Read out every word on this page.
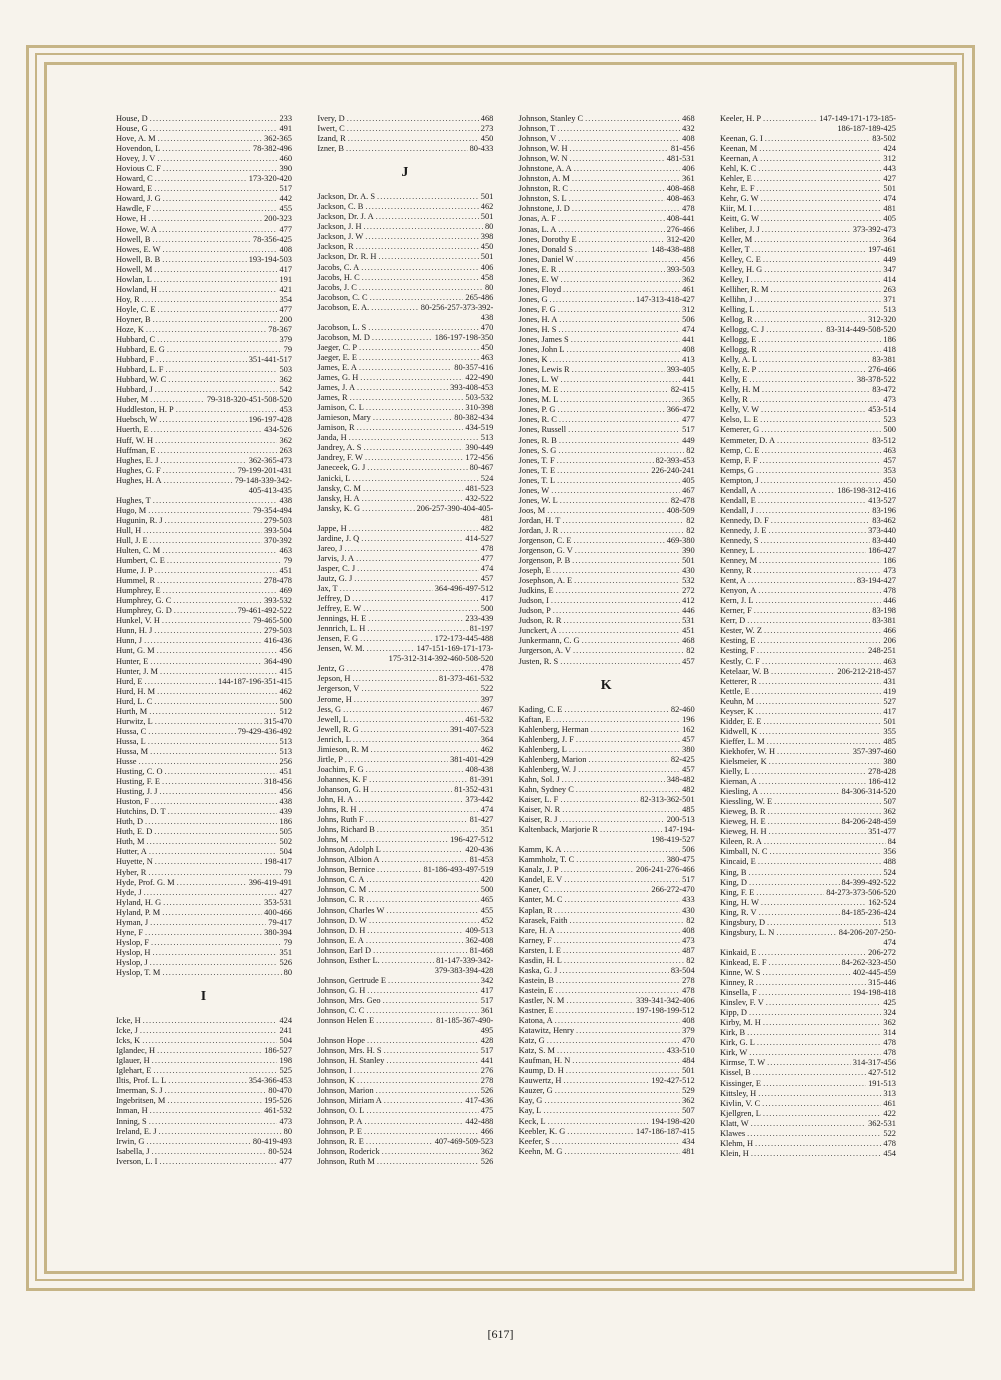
House, D . . .	233
House, G . . .	491
Hove, A. M . . .	362-365
Hovendon, L . . .	78-382-496
Hovey, J. V . . .	460
Hovious C. F . . .	390
Howard, C . . .	173-320-420
Howard, E . . .	517
Howard, J. G . . .	442
Hawdle, F . . .	455
Howe, H . . .	200-323
Howe, W. A . . .	477
Howell, B . . .	78-356-425
Howes, E. W . . .	408
Howell, B. B . . .	193-194-503
Howell, M . . .	417
Howlan, L . . .	191
Howland, H . . .	421
Hoy, R . . .	354
Hoyle, C. E . . .	477
Hoyner, B . . .	200
Hoze, K . . .	78-367
Hubbard, C . . .	379
Hubbard, E. G . . .	79
Hubbard, F . . .	351-441-517
Hubbard, L. F . . .	503
Hubbard, W. C . . .	362
Hubbard, J . . .	542
Huber, M . . .	79-318-320-451-508-520
Huddleston, H. P . . .	453
Huebsch, W . . .	196-197-428
Huerth, E . . .	434-526
Huff, W. H . . .	362
Huffman, E . . .	263
Hughes, E. J . . .	362-365-473
Hughes, G. F . . .	79-199-201-431
Hughes, H. A . . .	79-148-339-342-
405-413-435
Hughes, T . . .	438
Hugo, M . . .	79-354-494
Hugunin, R. J . . .	279-503
Hull, H . . .	393-504
Hull, J. E . . .	370-392
Hulten, C. M . . .	463
Humbert, C. E . . .	79
Hume, J. P . . .	451
Hummel, R . . .	278-478
Humphrey, E . . .	469
Humphrey, G. C . . .	393-532
Humphrey, G. D . . .	79-461-492-522
Hunkel, V. H . . .	79-465-500
Hunn, H. J . . .	279-503
Hunn, J . . .	416-436
Hunt, G. M . . .	456
Hunter, E . . .	364-490
Hunter, J. M . . .	415
Hurd, E . . .	144-187-196-351-415
Hurd, H. M . . .	462
Hurd, L. C . . .	500
Hurth, M . . .	512
Hurwitz, L . . .	315-470
Hussa, C . . .	79-429-436-492
Hussa, L . . .	513
Hussa, M . . .	513
Husse . . .	256
Husting, C. O . . .	451
Husting, F. E . . .	318-456
Husting, J. J . . .	456
Huston, F . . .	438
Hutchins, D. T . . .	439
Huth, D . . .	186
Huth, E. D . . .	505
Huth, M . . .	502
Hutter, A . . .	504
Huyette, N . . .	198-417
Hyber, R . . .	79
Hyde, Prof. G. M . . .	396-419-491
Hyde, J . . .	427
Hyland, H. G . . .	353-531
Hyland, P. M . . .	400-466
Hyman, J . . .	79-417
Hyne, F . . .	380-394
Hyslop, F . . .	79
Hyslop, H . . .	351
Hyslop, J . . .	526
Hyslop, T. M . . .	80
I
Icke, H . . .	424
Icke, J . . .	241
Icks, K . . .	504
Iglandec, H . . .	186-527
Iglauer, H . . .	198
Iglehart, E . . .	525
Iltis, Prof. L. L . . .	354-366-453
Imerman, S. J . . .	80-470
Ingebritsen, M . . .	195-526
Inman, H . . .	461-532
Inning, S . . .	473
Ireland, E. J . . .	80
Irwin, G . . .	80-419-493
Isabella, J . . .	80-524
Iverson, L. I . . .	477
Ivery, D . . .	468
Iwert, C . . .	273
Izand, R . . .	450
Izner, B . . .	80-433
J
Jackson, Dr. A. S . . .	501
Jackson, C. B . . .	462
Jackson, Dr. J. A . . .	501
Jackson, J. H . . .	80
Jackson, J. W . . .	398
Jackson, R . . .	450
Jackson, Dr. R. H . . .	501
Jacobs, C. A . . .	406
Jacobs, H. C . . .	458
Jacobs, J. C . . .	80
Jacobson, C. C . . .	265-486
Jacobson, E. A. . . .	80-256-257-373-392-
438
Jacobson, L. S . . .	470
Jacobson, M. D . . .	186-197-198-350
Jaeger, C. P . . .	450
Jaeger, E. E . . .	463
James, E. A . . .	80-357-416
James, G. H . . .	422-490
James, J. A . . .	393-408-453
James, R . . .	503-532
Jamison, C. L . . .	310-398
Jamieson, Mary . . .	80-382-434
Jamison, R . . .	434-519
Janda, H . . .	513
Jandrey, A. S . . .	390-449
Jandrey, F. W . . .	172-456
Janeceek, G. J . . .	80-467
Janicki, L . . .	524
Jansky, C. M . . .	481-523
Jansky, H. A . . .	432-522
Jansky, K. G . . .	206-257-390-404-405-
481
Jappe, H . . .	482
Jardine, J. Q . . .	414-527
Jareo, J . . .	478
Jarvis, J. A . . .	477
Jasper, C. J . . .	474
Jautz, G. J . . .	457
Jax, T . . .	364-496-497-512
Jeffrey, D . . .	417
Jeffrey, E. W . . .	500
Jennings, H. E . . .	233-439
Jennrich, L. H . . .	81-197
Jensen, F. G . . .	172-173-445-488
Jensen, W. M. . . .	147-151-169-171-173-
175-312-314-392-460-508-520
Jentz, G . . .	478
Jepson, H . . .	81-373-461-532
Jergerson, V . . .	522
Jerome, H . . .	397
Jess, G . . .	467
Jewell, L . . .	461-532
Jewell, R. G . . .	391-407-523
Jenrich, L . . .	364
Jimieson, R. M . . .	462
Jirtle, P . . .	381-401-429
Joachim, F. G . . .	408-438
Johannes, K. F . . .	81-391
Johanson, G. H . . .	81-352-431
John, H. A . . .	373-442
Johns, R. H . . .	474
Johns, Ruth F . . .	81-427
Johns, Richard B . . .	351
Johns, M . . .	196-427-512
Johnson, Adolph L . . .	420-436
Johnson, Albion A . . .	81-453
Johnson, Bernice . . .	81-186-493-497-519
Johnson, C. A . . .	420
Johnson, C. M . . .	500
Johnson, C. R . . .	465
Johnson, Charles W . . .	455
Johnson, D. W . . .	452
Johnson, D. H . . .	409-513
Johnson, E. A . . .	362-408
Johnson, Earl D . . .	81-468
Johnson, Esther L. . . .	81-147-339-342-
379-383-394-428
Johnson, Gertrude E . . .	342
Johnson, G. H . . .	417
Johnson, Mrs. Geo . . .	517
Johnson, C. C . . .	361
Jonnson Helen E . . .	81-185-367-490-
495
Johnson Hope . . .	428
Johnson, Mrs. H. S . . .	517
Johnson, H. Stanley . . .	441
Johnson, I . . .	276
Johnson, K . . .	278
Johnson, Marion . . .	526
Johnson, Miriam A . . .	417-436
Johnson, O. L . . .	475
Johnson, P. A . . .	442-488
Johnson, P. E . . .	466
Johnson, R. E . . .	407-469-509-523
Johnson, Roderick . . .	362
Johnson, Ruth M . . .	526
Johnson, Stanley C . . .	468
Johnson, T . . .	432
Johnson, V . . .	408
Johnson, W. H . . .	81-456
Johnson, W. N . . .	481-531
Johnstone, A. A . . .	406
Johnston, A. M . . .	361
Johnston, R. C . . .	408-468
Johnston, S. L . . .	408-463
Johnstone, J. D . . .	478
Jonas, A. F . . .	408-441
Jonas, L. A . . .	276-466
Jones, Dorothy E . . .	312-420
Jones, Donald S . . .	148-438-488
Jones, Daniel W . . .	456
Jones, E. R . . .	393-503
Jones, E. W . . .	362
Jones, Floyd . . .	461
Jones, G . . .	147-313-418-427
Jones, F. G . . .	312
Jones, H. A . . .	506
Jones, H. S . . .	474
Jones, James S . . .	441
Jones, John L . . .	408
Jones, K . . .	413
Jones, Lewis R . . .	393-405
Jones, L. W . . .	441
Jones, M. E . . .	82-415
Jones, M. L . . .	365
Jones, P. G . . .	366-472
Jones, R. C . . .	477
Jones, Russell . . .	517
Jones, R. B . . .	449
Jones, S. G . . .	82
Jones, T. F . . .	82-393-453
Jones, T. E . . .	226-240-241
Jones, T. L . . .	405
Jones, W . . .	467
Jones, W. L . . .	82-478
Joos, M . . .	408-509
Jordan, H. T . . .	82
Jordan, J. R . . .	82
Jorgenson, C. E . . .	469-380
Jorgenson, G. V . . .	390
Jorgenson, P. B . . .	501
Joseph, E . . .	430
Josephson, A. E . . .	532
Judkins, E . . .	272
Judson, I . . .	412
Judson, P . . .	446
Judson, R. R . . .	531
Junckert, A . . .	451
Junkermann, C. G . . .	468
Jurgerson, A. V . . .	82
Justen, R. S . . .	457
K
Kading, C. E . . .	82-460
Kaftan, E . . .	196
Kahlenberg, Herman . . .	162
Kahlenberg, J. F . . .	457
Kahlenberg, L . . .	380
Kahlenberg, Marion . . .	82-425
Kahlenberg, W. J . . .	457
Kahn, Sol. J . . .	348-482
Kahn, Sydney C . . .	482
Kaiser, L. F . . .	82-313-362-501
Kaiser, N. R . . .	485
Kaiser, R. J . . .	200-513
Kaltenback, Marjorie R . . .	147-194-
198-419-527
Kamm, K. A . . .	506
Kammholz, T. C . . .	380-475
Kanalz, J. P . . .	206-241-276-466
Kandel, E. V . . .	517
Kaner, C . . .	266-272-470
Kanter, M. C . . .	433
Kaplan, R . . .	430
Karasek, Faith . . .	82
Kare, H. A . . .	408
Karney, F . . .	473
Karsten, I. E . . .	487
Kasdin, H. L . . .	82
Kaska, G. J . . .	83-504
Kastein, B . . .	278
Kastein, E . . .	478
Kastler, N. M . . .	339-341-342-406
Kastner, E . . .	197-198-199-512
Katona, A . . .	408
Katawitz, Henry . . .	379
Katz, G . . .	470
Katz, S. M . . .	433-510
Kaufman, H. N . . .	484
Kaump, D. H . . .	501
Kauwertz, H . . .	192-427-512
Kauzer, G . . .	529
Kay, G . . .	362
Kay, L . . .	507
Keck, L . . .	194-198-420
Keebler, K. G . . .	147-186-187-415
Keefer, S . . .	434
Keehn, M. G . . .	481
Keeler, H. P . . .	147-149-171-173-185-
186-187-189-425
Keenan, G. I . . .	83-502
Keenan, M . . .	424
Keernan, A . . .	312
Kehl, K. C . . .	443
Kehler, E . . .	427
Kehr, E. F . . .	501
Kehr, G. W . . .	474
Kiir, M. I . . .	481
Keitt, G. W . . .	405
Keliber, J. J . . .	373-392-473
Keller, M . . .	364
Keller, T . . .	197-461
Kelley, C. E . . .	449
Kelley, H. G . . .	347
Kelley, I . . .	414
Kelliher, R. M . . .	263
Kellihn, J . . .	371
Kelling, L . . .	513
Kellog, R . . .	312-320
Kellogg, C. J . . .	83-314-449-508-520
Kellogg, E . . .	186
Kellogg, R . . .	418
Kelly, A. L . . .	83-381
Kelly, E. P . . .	276-466
Kelly, E . . .	38-378-522
Kelly, H. M . . .	83-472
Kelly, R . . .	473
Kelly, V. W . . .	453-514
Kelso, L. E . . .	523
Kemerer, G . . .	500
Kemmeter, D. A . . .	83-512
Kemp, C. E . . .	463
Kemp, F. F . . .	457
Kemps, G . . .	353
Kempton, J . . .	450
Kendall, A . . .	186-198-312-416
Kendall, E . . .	413-527
Kendall, J . . .	83-196
Kennedy, D. F . . .	83-462
Kennedy, J. E . . .	373-440
Kennedy, S . . .	83-440
Kenney, L . . .	186-427
Kenney, M . . .	186
Kenny, R . . .	473
Kent, A . . .	83-194-427
Kenyon, A . . .	478
Kern, J. L . . .	446
Kerner, F . . .	83-198
Kerr, D . . .	83-381
Kester, W. Z . . .	466
Kesting, E . . .	206
Kesting, F . . .	248-251
Kestly, C. F . . .	463
Ketelaar, W. B . . .	206-212-218-457
Ketterer, R . . .	431
Kettle, E . . .	419
Keuhn, M . . .	527
Keyser, K . . .	417
Kidder, E. E . . .	501
Kidwell, K . . .	355
Kieffer, L. M . . .	485
Kiekhofer, W. H . . .	357-397-460
Kielsmeier, K . . .	380
Kielly, L . . .	278-428
Kiernan, A . . .	186-412
Kiesling, A . . .	84-306-314-520
Kiessling, W. E . . .	507
Kieweg, B. R . . .	362
Kieweg, H. E . . .	84-206-248-459
Kieweg, H. H . . .	351-477
Kileen, R. A . . .	84
Kimball, N. C . . .	356
Kincaid, E . . .	488
King, B . . .	524
King, D . . .	84-399-492-522
King, F. E . . .	84-273-373-506-520
King, H. W . . .	162-524
King, R. V . . .	84-185-236-424
Kingsbury, D . . .	513
Kingsbury, L. N . . .	84-206-207-250-
474
Kinkaid, E . . .	206-272
Kinkead, E. F . . .	84-262-323-450
Kinne, W. S . . .	402-445-459
Kinney, R . . .	315-446
Kinsella, F . . .	194-198-418
Kinslev, F. V . . .	425
Kipp, D . . .	324
Kirby, M. H . . .	362
Kirk, B . . .	314
Kirk, G. L . . .	478
Kirk, W . . .	478
Kirmse, T. W . . .	314-317-456
Kissel, B . . .	427-512
Kissinger, E . . .	191-513
Kittsley, H . . .	313
Kivlin, V. C . . .	461
Kjellgren, L . . .	422
Klatt, W . . .	362-531
Klawes . . .	522
Klehm, H . . .	478
Klein, H . . .	454
[617]
